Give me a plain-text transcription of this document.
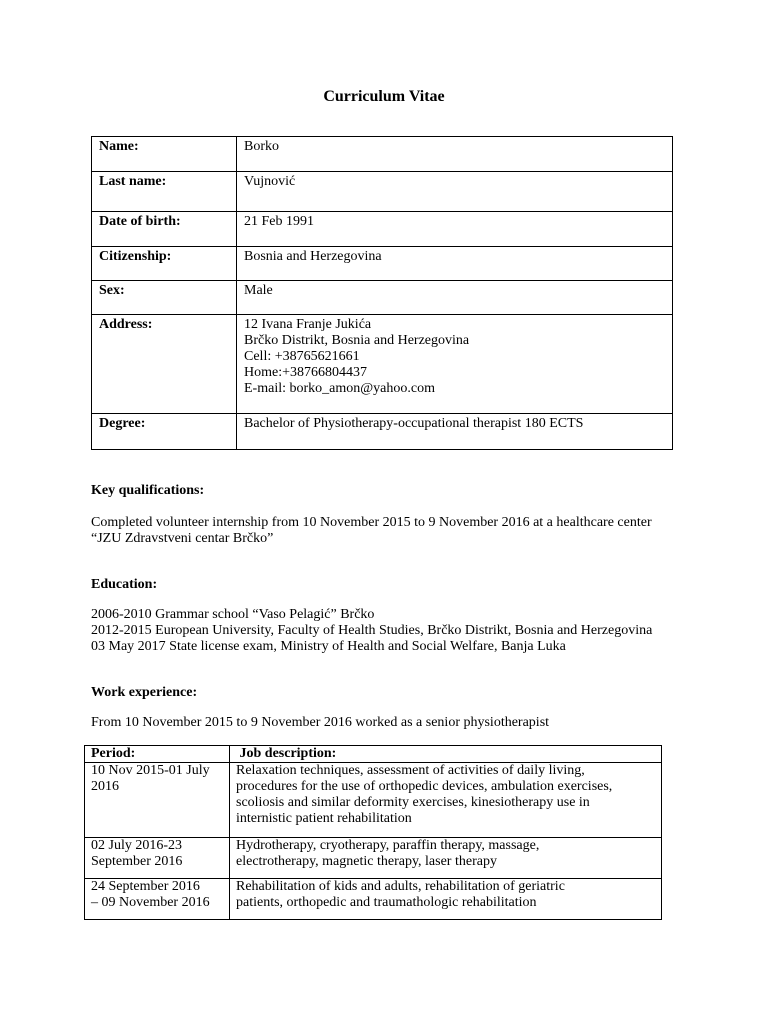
Curriculum Vitae
Name:	Borko

Last name:	Vujnović

Date of birth:	21 Feb 1991

Citizenship:	Bosnia and Herzegovina

Sex:	Male

Address:	12 Ivana Franje Jukića
Brčko Distrikt, Bosnia and Herzegovina
Cell: +38765621661
Home:+38766804437
E-mail: borko_amon@yahoo.com

Degree:	Bachelor of Physiotherapy-occupational therapist 180 ECTS
Key qualifications:
Completed volunteer internship from 10 November 2015 to 9 November 2016 at a healthcare center
“JZU Zdravstveni centar Brčko”
Education:
2006-2010 Grammar school “Vaso Pelagić” Brčko
2012-2015 European University, Faculty of Health Studies, Brčko Distrikt, Bosnia and Herzegovina
03 May 2017 State license exam, Ministry of Health and Social Welfare, Banja Luka
Work experience:
From 10 November 2015 to 9 November 2016 worked as a senior physiotherapist
Period:	Job description:

10 Nov 2015-01 July
2016	Relaxation techniques, assessment of activities of daily living,
procedures for the use of orthopedic devices, ambulation exercises,
scoliosis and similar deformity exercises, kinesiotherapy use in
internistic patient rehabilitation

02 July 2016-23
September 2016	Hydrotherapy, cryotherapy, paraffin therapy, massage,
electrotherapy, magnetic therapy, laser therapy

24 September 2016
– 09 November 2016	Rehabilitation of kids and adults, rehabilitation of geriatric
patients, orthopedic and traumathologic rehabilitation
